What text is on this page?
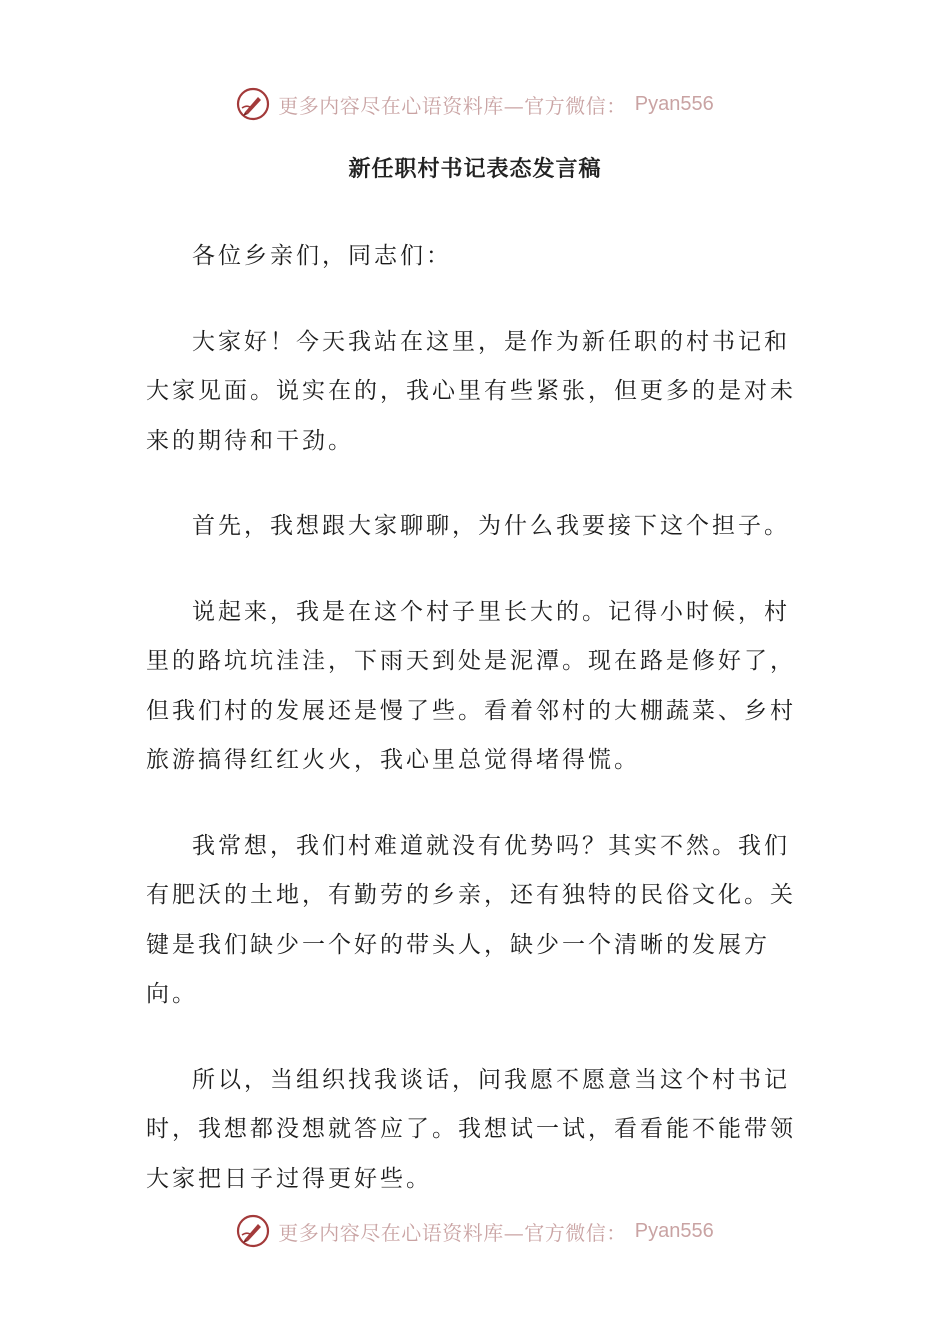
更多内容尽在心语资料库—官方微信： Pyan556
新任职村书记表态发言稿

各位乡亲们，同志们：

大家好！今天我站在这里，是作为新任职的村书记和大家见面。说实在的，我心里有些紧张，但更多的是对未来的期待和干劲。

首先，我想跟大家聊聊，为什么我要接下这个担子。

说起来，我是在这个村子里长大的。记得小时候，村里的路坑坑洼洼，下雨天到处是泥潭。现在路是修好了，但我们村的发展还是慢了些。看着邻村的大棚蔬菜、乡村旅游搞得红红火火，我心里总觉得堵得慌。

我常想，我们村难道就没有优势吗？其实不然。我们有肥沃的土地，有勤劳的乡亲，还有独特的民俗文化。关键是我们缺少一个好的带头人，缺少一个清晰的发展方向。

所以，当组织找我谈话，问我愿不愿意当这个村书记时，我想都没想就答应了。我想试一试，看看能不能带领大家把日子过得更好些。

更多内容尽在心语资料库—官方微信： Pyan556
